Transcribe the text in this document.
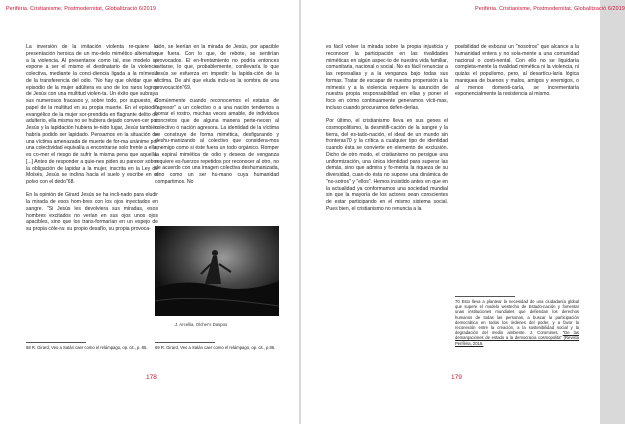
Perifèria. Cristianisme, Postmodernitat, Globalització 6/2019

La inversión de la imitación violenta re-quiere la presentación heroica de un mo-delo mimético alternativo a la violencia. Al presentarse como tal, ese modelo se expone a ser el mismo el destinatario de la violencia colectiva, mediante la conci-diencia ligada a la mímesis de la transferencia del odio. "No hay que olvidar que el episodio de la mujer adúltera es uno de los raros logros de Jesús con una multitud violen-ta. Un éxito que subraya sus numerosos fracasos y, sobre todo, por supuesto, el papel de la multitud en su propia muerte. En el episodio evangélico de la mujer sor-prendida en flagrante delito de adulterio, ella misma no se hubiera dejado conven-cer por Jesús y la lapidación hubiera te-nido lugar, Jesús también habría podido ser lapidado. Pensamos en la situación de una víctima amenazada de muerte de for-ma unánime por una colectividad equivalía a encontrarse solo frente a ella, es co-mer el riesgo de sufrir la misma pena que aquella. [...] Antes de responder a quie-nes piden su parecer sobre la obligación de lapidar a la mujer, inscrita en la Ley de Moisés, Jesús se inclina hacia el suelo y escribe en el polvo con el dedo"68.

En la opinión de Girard Jesús se ha incli-nado para eludir la mirada de esos hom-bres con los ojos inyectados en sangre. "Si Jesús les devolviera sus miradas, esos hombres excitados no verían en sus ojos unos ojos apacibles, sino que los trans-formarían en un espejo de su propia cóle-ra: su propio desafío, su propia provoca-

ción, se leerían en la mirada de Jesús, por apacible que fuera. Con lo que, de rebote, se sentirían provocados. El en-frentamiento no podría entonces evitarse, lo que, probablemente, conllevaría lo que Jesús se esfuerza en impedir: la lapida-ción de la víctima. De ahí que eluda inclu-so la sombra de una provocación"69.

Comúnmente cuando reconocemos el estatus de "agresor" a un colectivo o a una nación tendemos a borrar el rostro, muchas veces amable, de individuos concretos que de alguna manera perte-necen al colectivo o nación agresora. La identidad de la víctima se construye de forma mimética, desfigurando y deshu-manizando al colectivo que considera-mos enemigo como si éste fuera un todo orgánico. Romper la espiral mimética de odio y deseos de venganza requiere es-fuerzos repetidos por reconocer al otro, no de acuerdo con una imagen colectiva deshumanizada, sino como un ser hu-mano cuya humanidad compartimos. No

J. Arcellia, Olcher's Daspos
68 R. Girard, Veo a Satán caer como el relámpago, op. cit., p. 85.	69 R. Girard, Veo a Satán caer como el relámpago, op. cit., p.86.
178
Perifèria. Cristianisme, Postmodernitat, Globalització 6/2019

es fácil volver la mirada sobre la propia injusticia y reconocer la participación en las rivalidades miméticas en algún aspec-to de nuestra vida familiar, comunitaria, nacional o social. No es fácil renunciar a las represalias y a la venganza bajo todas sus formas. Tratar de escapar de nuestra propensión a la mímesis y a la violencia requiere la asunción de nuestra propia responsabilidad en ellas y poner el foco en cómo continuamente generamos vícti-mas, incluso cuando procuramos defen-derlas.

Por último, el cristianismo lleva en sus genes el cosmopolitismo, la desmitifi-cación de la sangre y la tierra, del es-tado-nación, el ideal de un mundo sin fronteras70 y la crítica a cualquier tipo de identidad cuando ésta se convierte en elemento de exclusión. Dicho de otro modo, el cristianismo no persigue una uniformización, una única identidad para superar las demás, sino que admira y fo-menta la riqueza de su diversidad, cuan-do ésta no supone una dinámica de "no-sotros" y "ellos". Hemos insistido antes en que en la actualidad ya conformamos una sociedad mundial sin que la mayoría de los actores sean conscientes de estar participando en el mismo sistema social. Pues bien, el cristianismo no renuncia a la

posibilidad de esbozar un "nosotros" que alcance a la humanidad entera y no sola-mente a una comunidad nacional o conti-nental. Con ello no se liquidaría completa-mente la rivalidad mimética ni la violencia, ni quizás el populismo, pero, al desartícu-laría lógica maniquea de buenos y malos, amigos y enemigos, o al menos domesti-caría, se incrementaría exponencialmente la resistencia al mismo.

70 Esto lleva a plantear la necesidad de una ciudadanía global que supere el modelo westecho de Estado-nación y fomentar unas instituciones mundiales que defiendan los derechos humanos de todas las personas, a buscar la participación democrática en todos los órdenes del poder, y a favor la reconexión entre la creación, a la sostenibilidad social y la degradación del medio ambiente. J. Coromines, "De las demarqaciones de estado a la democracia cosmopolita" (Revista Perifèria, 2016.
179
